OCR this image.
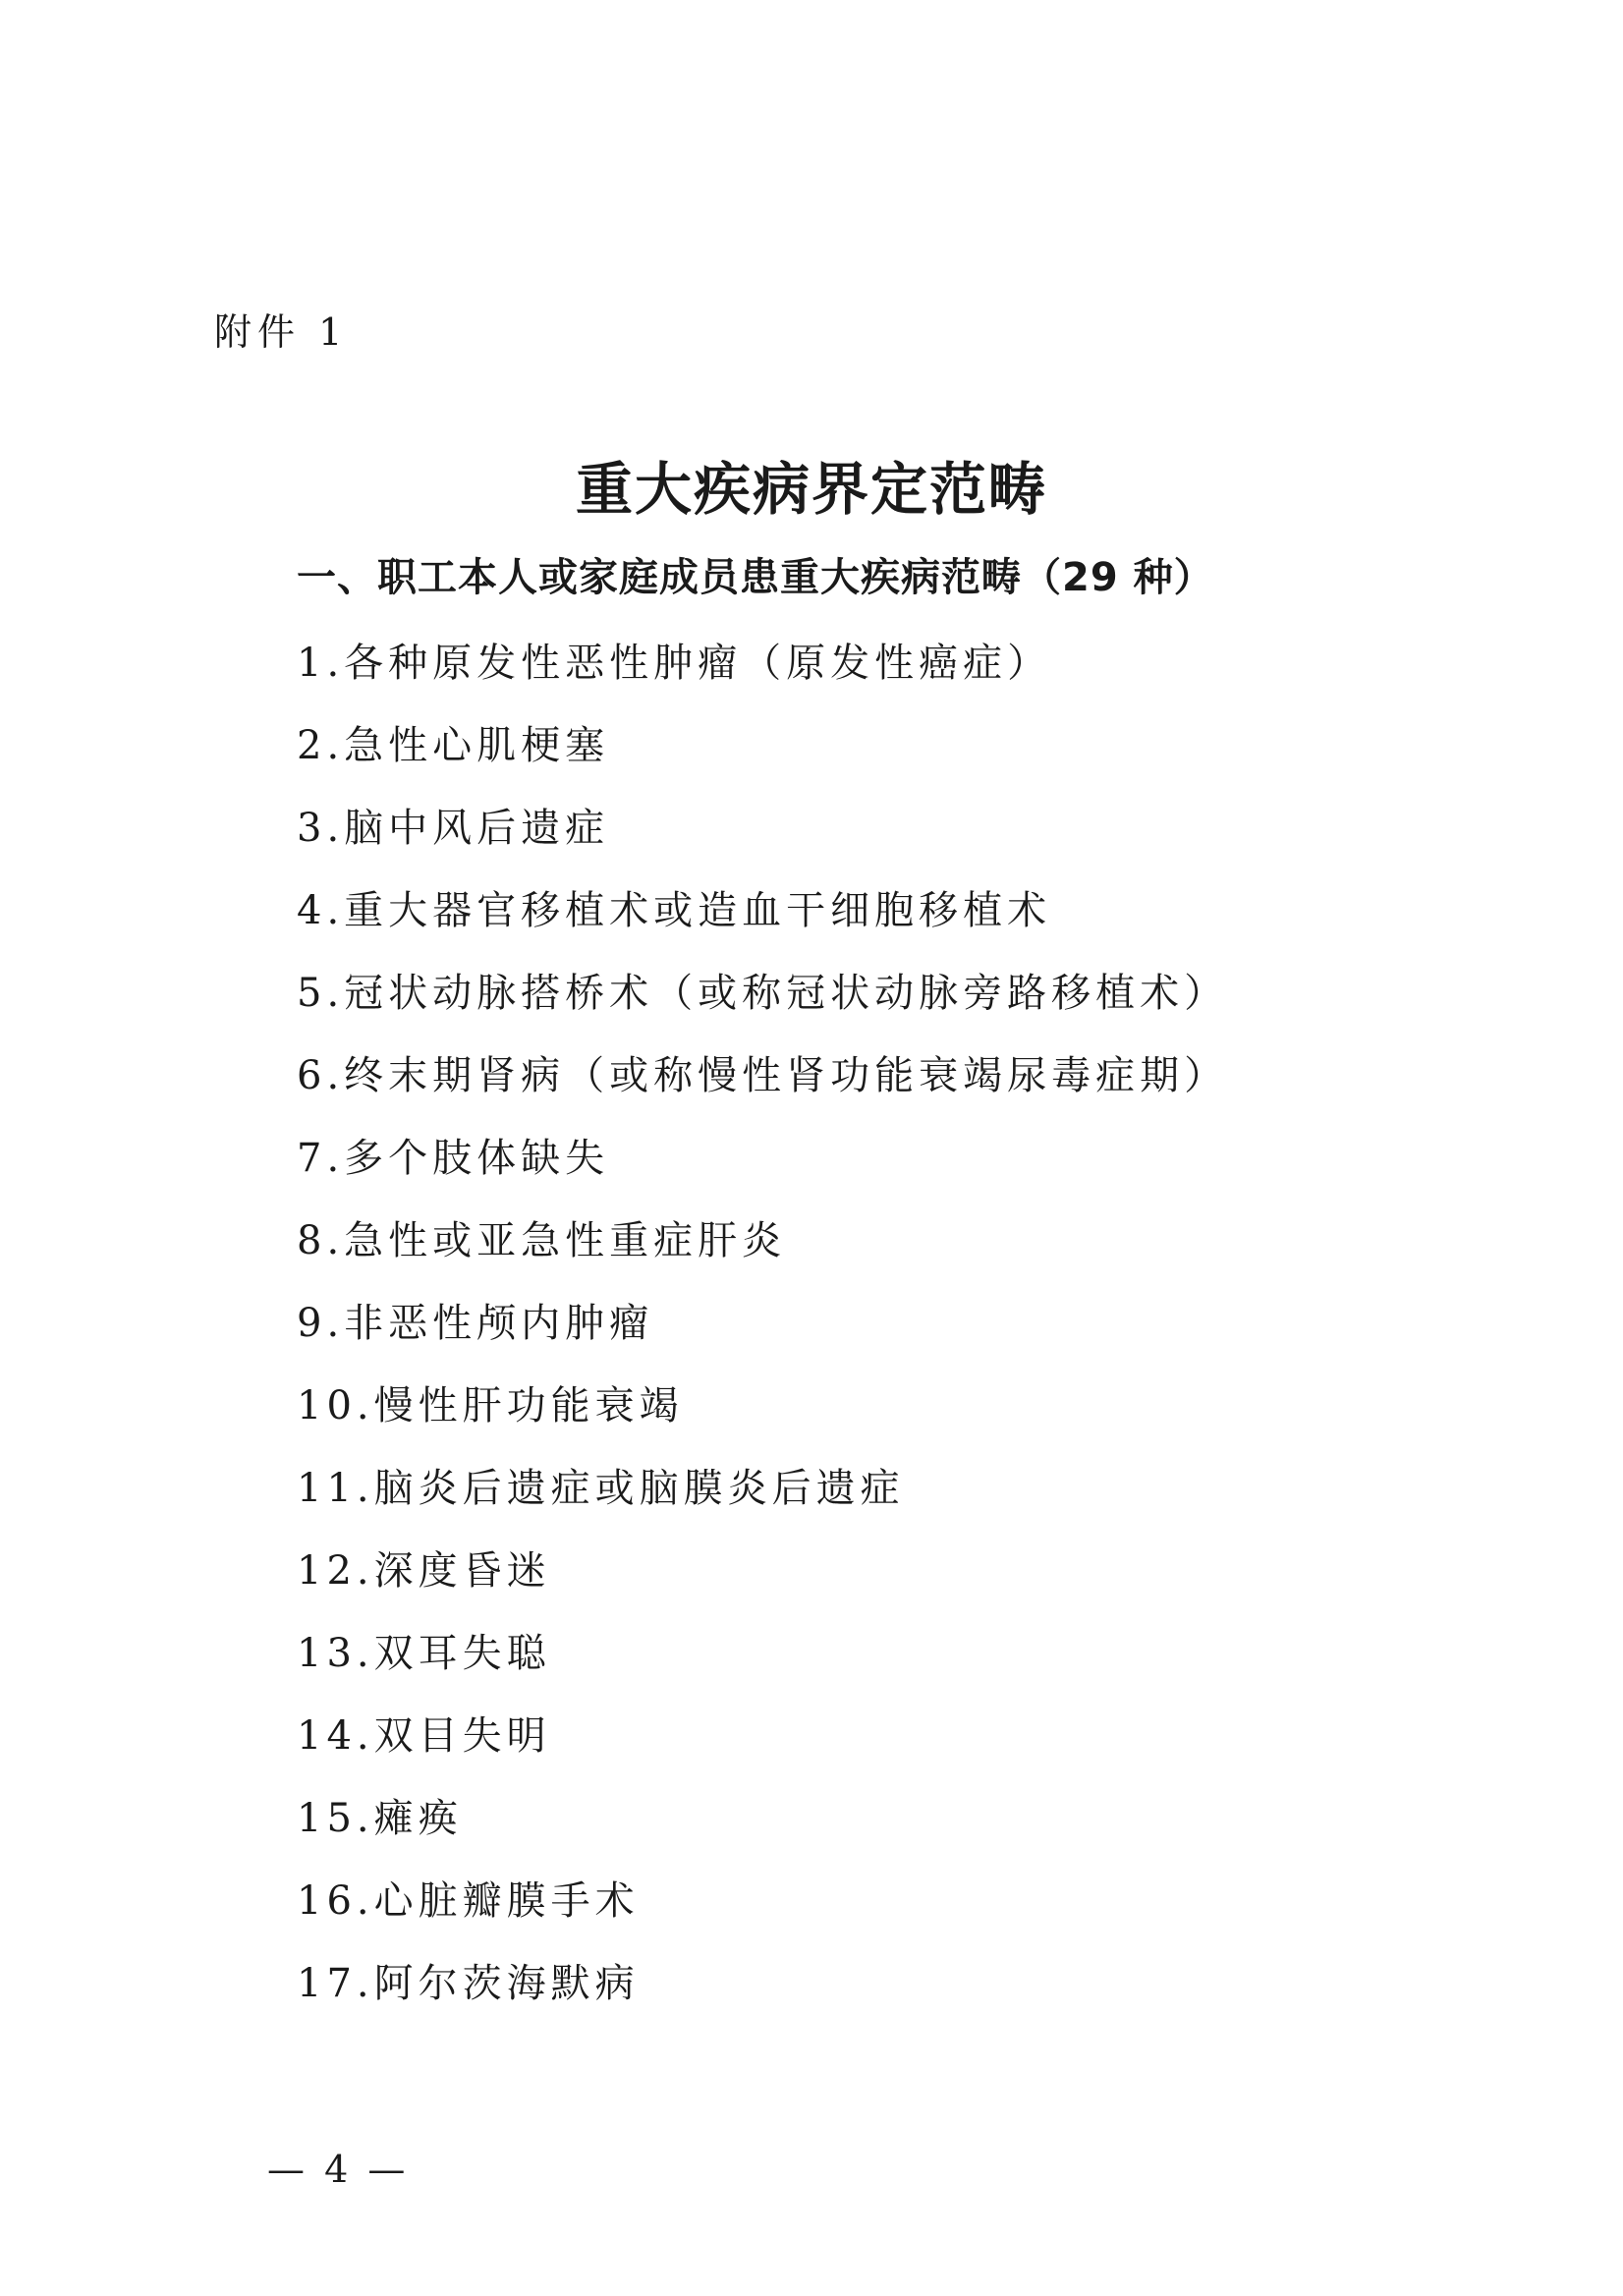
附件 1
重大疾病界定范畴
一、职工本人或家庭成员患重大疾病范畴（29 种）
1.各种原发性恶性肿瘤（原发性癌症）
2.急性心肌梗塞
3.脑中风后遗症
4.重大器官移植术或造血干细胞移植术
5.冠状动脉搭桥术（或称冠状动脉旁路移植术）
6.终末期肾病（或称慢性肾功能衰竭尿毒症期）
7.多个肢体缺失
8.急性或亚急性重症肝炎
9.非恶性颅内肿瘤
10.慢性肝功能衰竭
11.脑炎后遗症或脑膜炎后遗症
12.深度昏迷
13.双耳失聪
14.双目失明
15.瘫痪
16.心脏瓣膜手术
17.阿尔茨海默病
— 4 —
